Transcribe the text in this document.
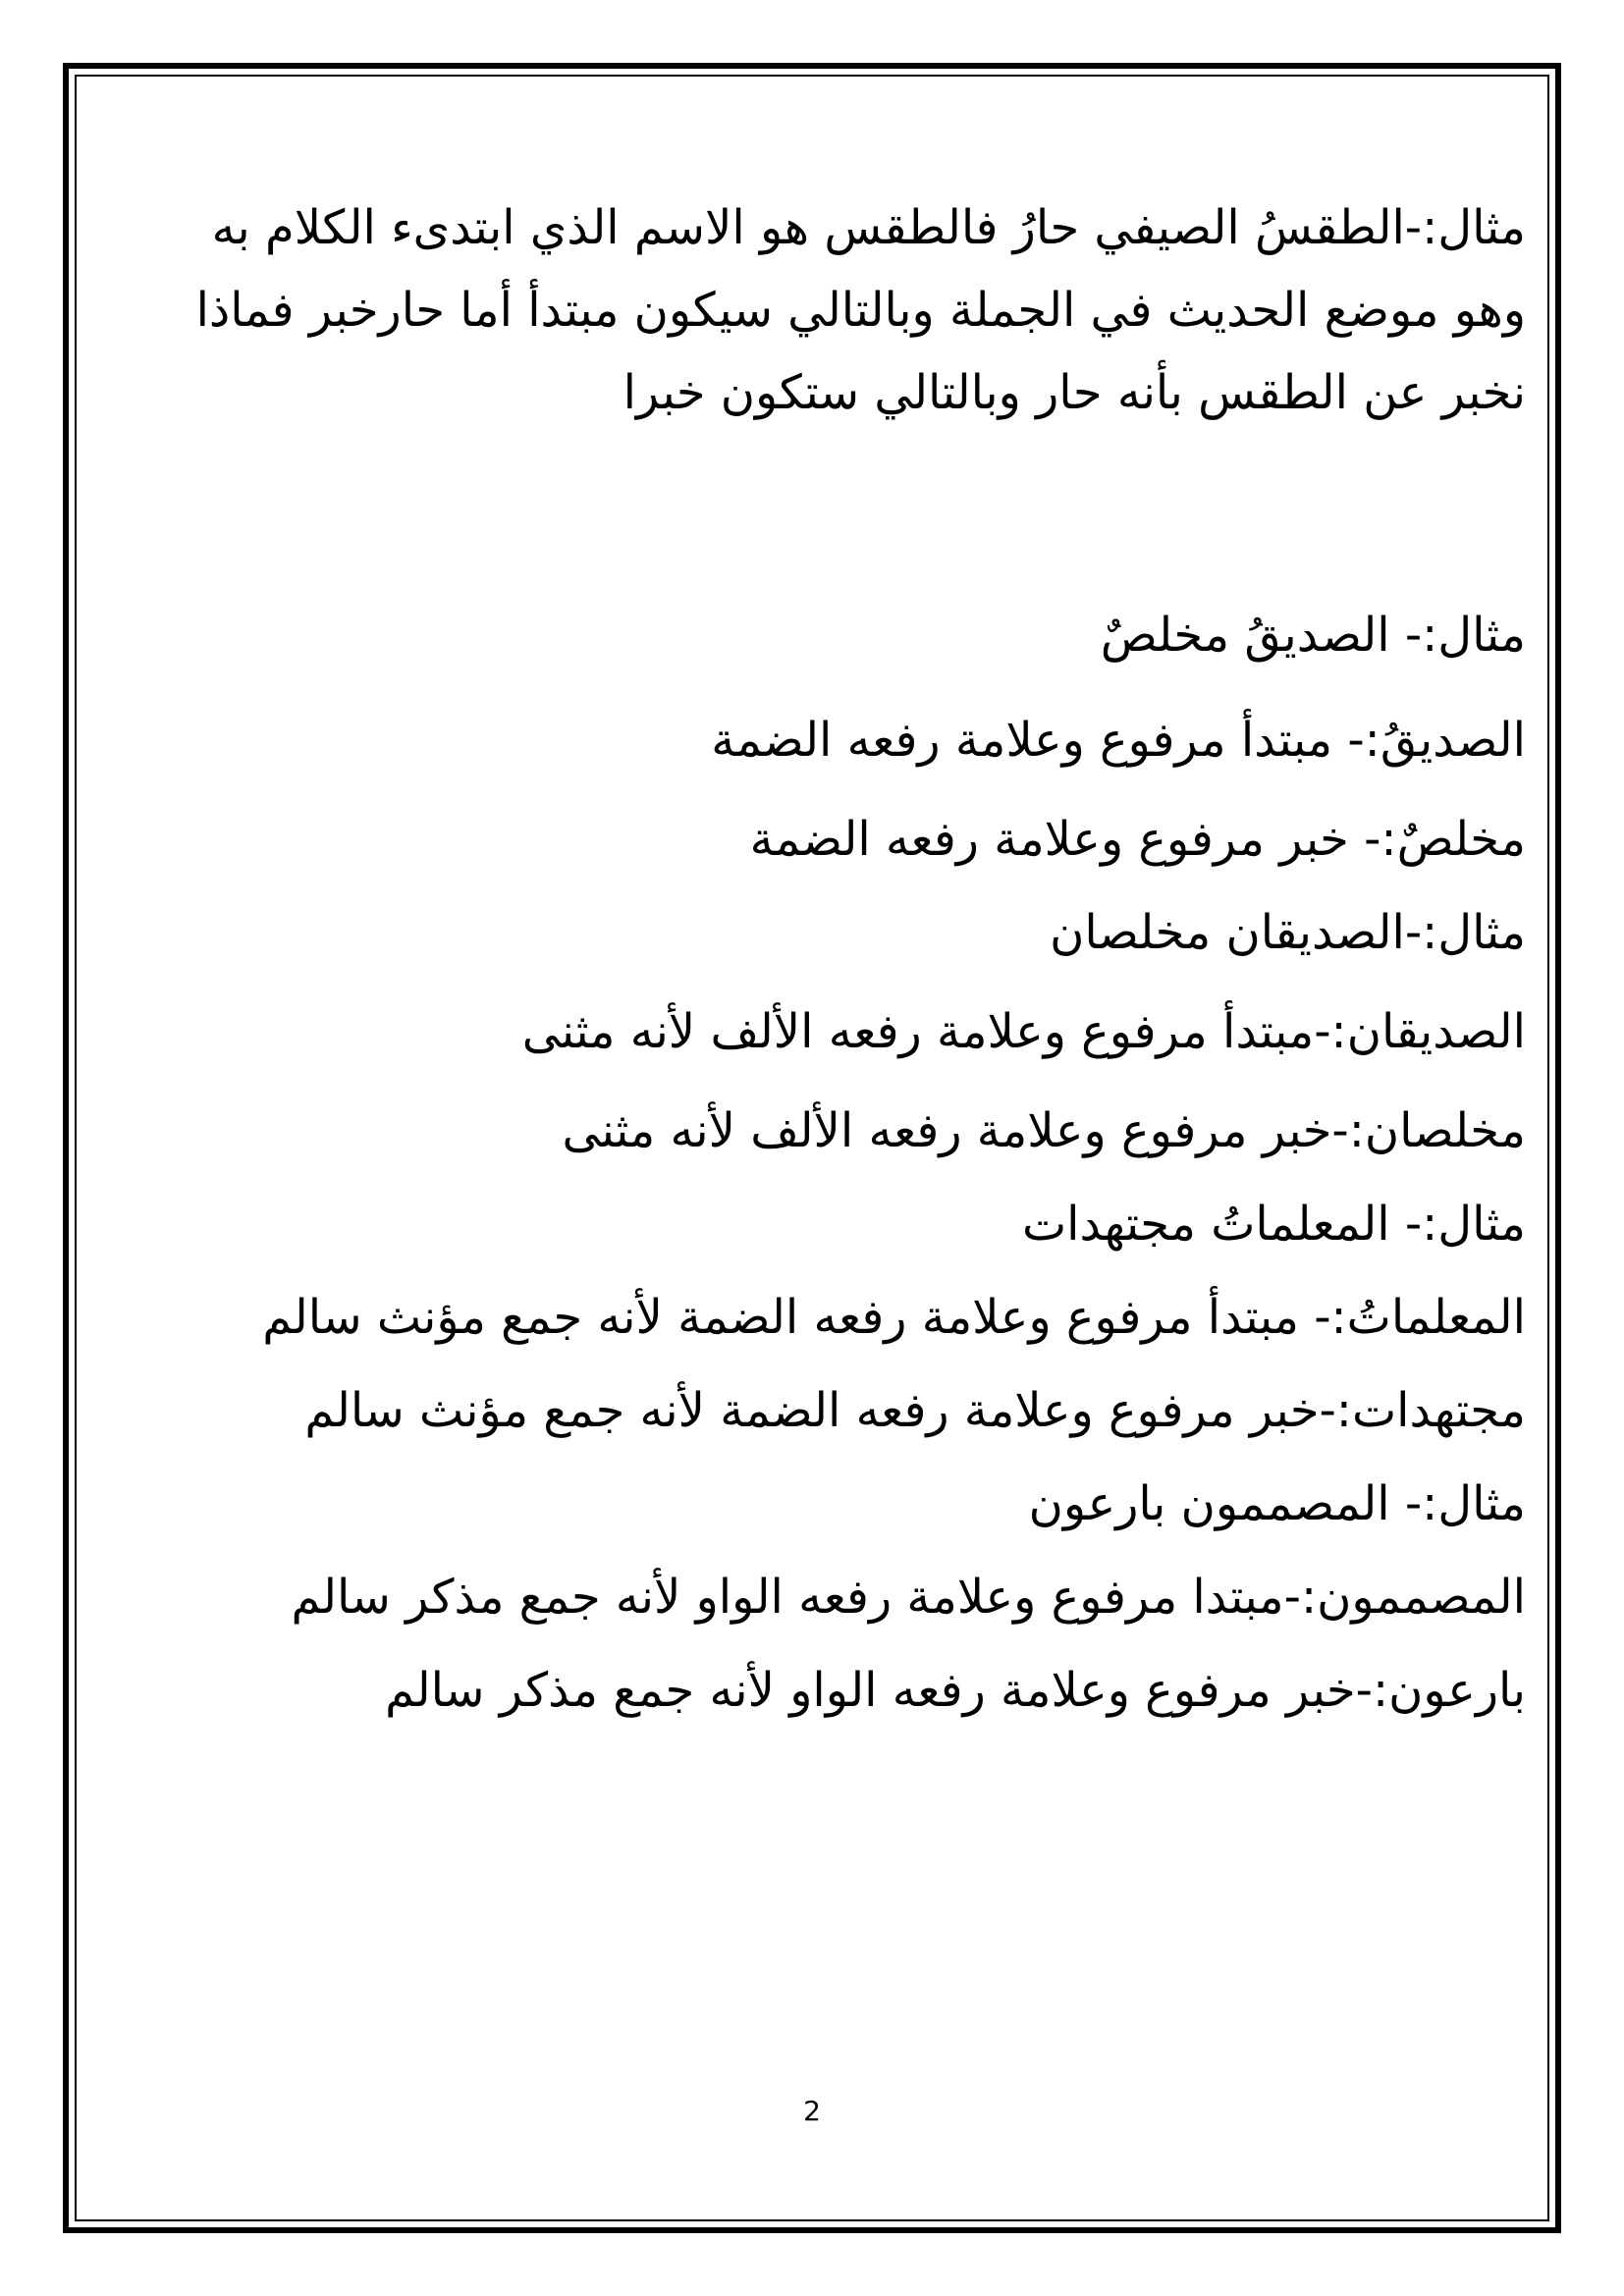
مثال:-الطقسُ الصيفي حارُ فالطقس هو الاسم الذي ابتدىء الكلام به
وهو موضع الحديث في الجملة وبالتالي سيكون مبتدأ أما حارخبر فماذا
نخبر عن الطقس بأنه حار وبالتالي ستكون خبرا

مثال:- الصديقُ مخلصٌ
الصديقُ:- مبتدأ مرفوع وعلامة رفعه الضمة
مخلصٌ:- خبر مرفوع وعلامة رفعه الضمة
مثال:-الصديقان مخلصان
الصديقان:-مبتدأ مرفوع وعلامة رفعه الألف لأنه مثنى
مخلصان:-خبر مرفوع وعلامة رفعه الألف لأنه مثنى
مثال:- المعلماتُ مجتهدات
المعلماتُ:- مبتدأ مرفوع وعلامة رفعه الضمة لأنه جمع مؤنث سالم
مجتهدات:-خبر مرفوع وعلامة رفعه الضمة لأنه جمع مؤنث سالم
مثال:- المصممون بارعون
المصممون:-مبتدا مرفوع وعلامة رفعه الواو لأنه جمع مذكر سالم
بارعون:-خبر مرفوع وعلامة رفعه الواو لأنه جمع مذكر سالم
2
